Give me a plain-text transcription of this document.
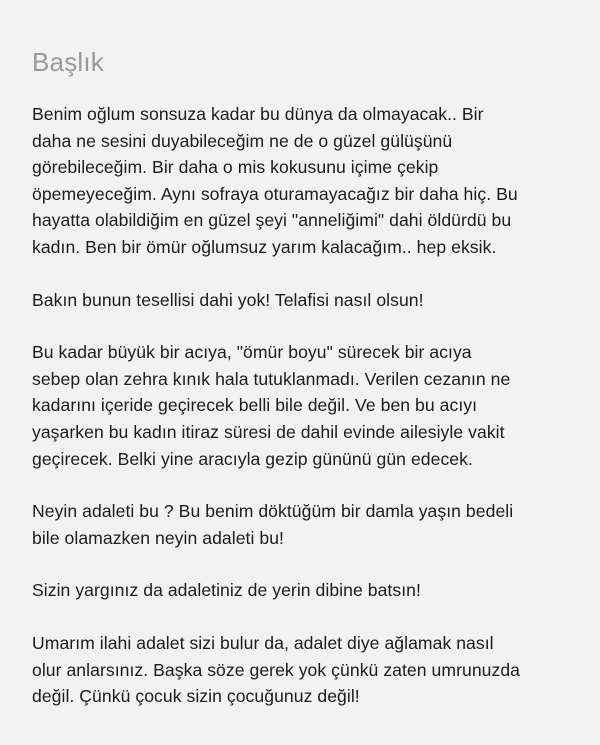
Başlık
Benim oğlum sonsuza kadar bu dünya da olmayacak.. Bir
daha ne sesini duyabileceğim ne de o güzel gülüşünü
görebileceğim. Bir daha o mis kokusunu içime çekip
öpemeyeceğim. Aynı sofraya oturamayacağız bir daha hiç. Bu
hayatta olabildiğim en güzel şeyi "anneliğimi" dahi öldürdü bu
kadın. Ben bir ömür oğlumsuz yarım kalacağım.. hep eksik.
Bakın bunun tesellisi dahi yok! Telafisi nasıl olsun!
Bu kadar büyük bir acıya, "ömür boyu" sürecek bir acıya
sebep olan zehra kınık hala tutuklanmadı. Verilen cezanın ne
kadarını içeride geçirecek belli bile değil. Ve ben bu acıyı
yaşarken bu kadın itiraz süresi de dahil evinde ailesiyle vakit
geçirecek. Belki yine aracıyla gezip gününü gün edecek.
Neyin adaleti bu ? Bu benim döktüğüm bir damla yaşın bedeli
bile olamazken neyin adaleti bu!
Sizin yargınız da adaletiniz de yerin dibine batsın!
Umarım ilahi adalet sizi bulur da, adalet diye ağlamak nasıl
olur anlarsınız. Başka söze gerek yok çünkü zaten umrunuzda
değil. Çünkü çocuk sizin çocuğunuz değil!
